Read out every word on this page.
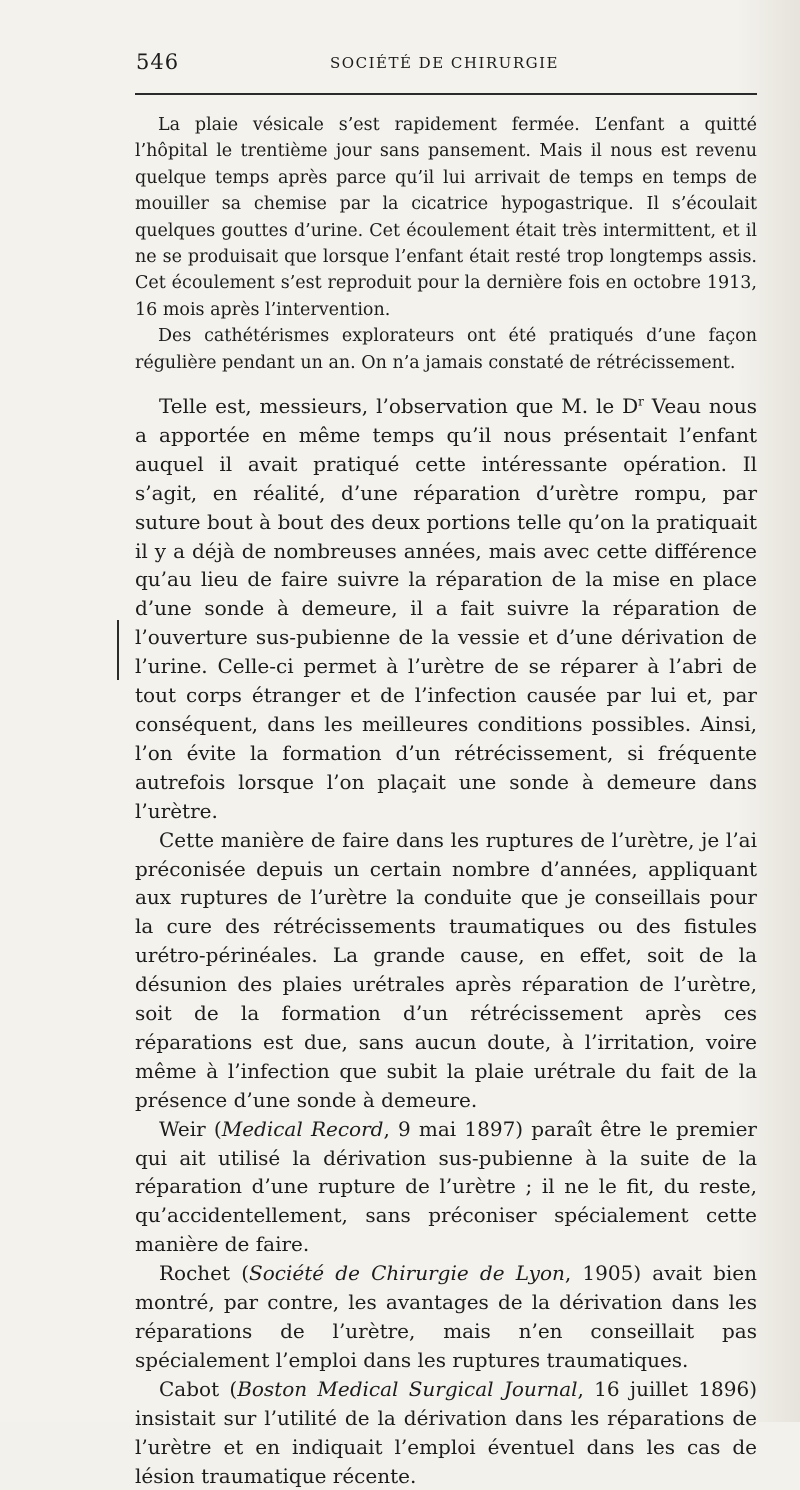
546	SOCIÉTÉ DE CHIRURGIE

La plaie vésicale s’est rapidement fermée. L’enfant a quitté l’hôpital le trentième jour sans pansement. Mais il nous est revenu quelque temps après parce qu’il lui arrivait de temps en temps de mouiller sa chemise par la cicatrice hypogastrique. Il s’écoulait quelques gouttes d’urine. Cet écoulement était très intermittent, et il ne se produisait que lorsque l’enfant était resté trop longtemps assis. Cet écoulement s’est reproduit pour la dernière fois en octobre 1913, 16 mois après l’intervention.

Des cathétérismes explorateurs ont été pratiqués d’une façon régulière pendant un an. On n’a jamais constaté de rétrécissement.

Telle est, messieurs, l’observation que M. le $D^r$ Veau nous a apportée en même temps qu’il nous présentait l’enfant auquel il avait pratiqué cette intéressante opération. Il s’agit, en réalité, d’une réparation d’urètre rompu, par suture bout à bout des deux portions telle qu’on la pratiquait il y a déjà de nombreuses années, mais avec cette différence qu’au lieu de faire suivre la réparation de la mise en place d’une sonde à demeure, il a fait suivre la réparation de l’ouverture sus-pubienne de la vessie et d’une dérivation de l’urine. Celle-ci permet à l’urètre de se réparer à l’abri de tout corps étranger et de l’infection causée par lui et, par conséquent, dans les meilleures conditions possibles. Ainsi, l’on évite la formation d’un rétrécissement, si fréquente autrefois lorsque l’on plaçait une sonde à demeure dans l’urètre.

Cette manière de faire dans les ruptures de l’urètre, je l’ai préconisée depuis un certain nombre d’années, appliquant aux ruptures de l’urètre la conduite que je conseillais pour la cure des rétrécissements traumatiques ou des fistules urétro-périnéales. La grande cause, en effet, soit de la désunion des plaies urétrales après réparation de l’urètre, soit de la formation d’un rétrécissement après ces réparations est due, sans aucun doute, à l’irritation, voire même à l’infection que subit la plaie urétrale du fait de la présence d’une sonde à demeure.

Weir (Medical Record, 9 mai 1897) paraît être le premier qui ait utilisé la dérivation sus-pubienne à la suite de la réparation d’une rupture de l’urètre ; il ne le fit, du reste, qu’accidentellement, sans préconiser spécialement cette manière de faire.

Rochet (Société de Chirurgie de Lyon, 1905) avait bien montré, par contre, les avantages de la dérivation dans les réparations de l’urètre, mais n’en conseillait pas spécialement l’emploi dans les ruptures traumatiques.

Cabot (Boston Medical Surgical Journal, 16 juillet 1896) insistait sur l’utilité de la dérivation dans les réparations de l’urètre et en indiquait l’emploi éventuel dans les cas de lésion traumatique récente.
